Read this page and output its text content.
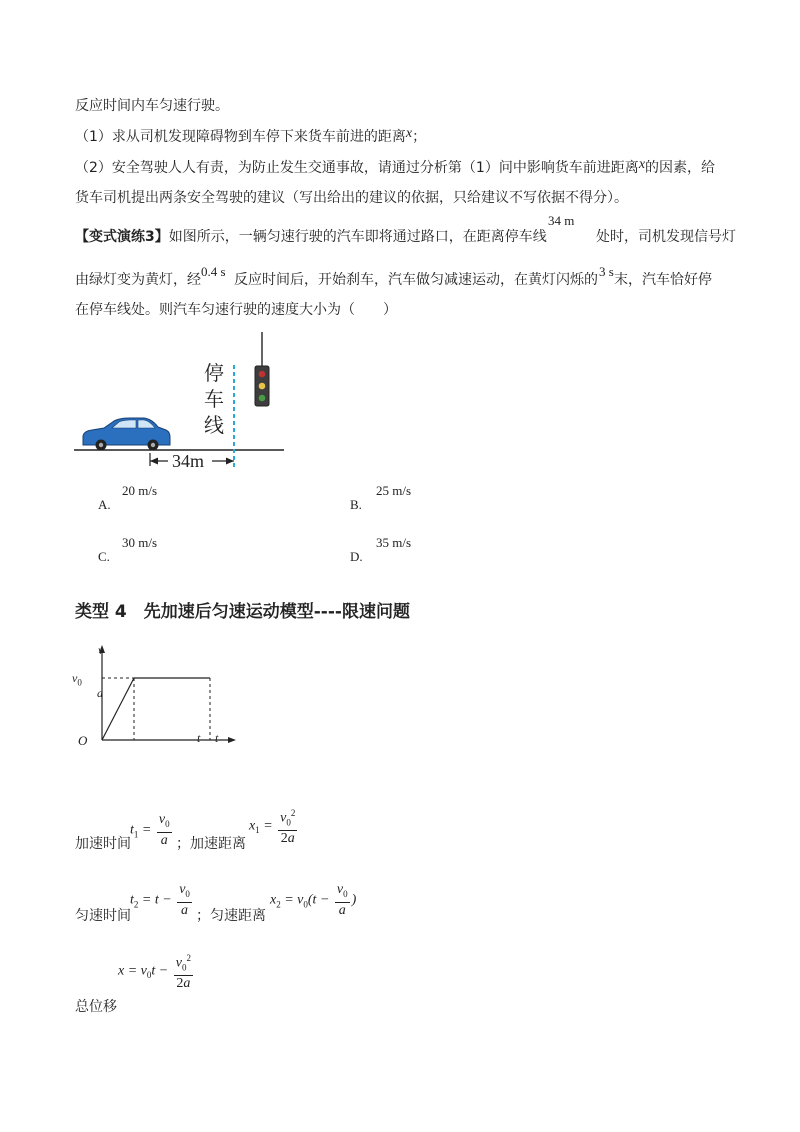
反应时间内车匀速行驶。
（1）求从司机发现障碍物到车停下来货车前进的距离x；
（2）安全驾驶人人有责，为防止发生交通事故，请通过分析第（1）问中影响货车前进距离x的因素，给
货车司机提出两条安全驾驶的建议（写出给出的建议的依据，只给建议不写依据不得分）。
【变式演练3】如图所示，一辆匀速行驶的汽车即将通过路口，在距离停车线
34 m
处时，司机发现信号灯
由绿灯变为黄灯，经
0.4 s
反应时间后，开始刹车，汽车做匀减速运动，在黄灯闪烁的
3 s
末，汽车恰好停
在停车线处。则汽车匀速行驶的速度大小为（　　）
停
车
线
34m
A.
20 m/s
B.
25 m/s
C.
30 m/s
D.
35 m/s
类型 4　先加速后匀速运动模型----限速问题
v
$v_0$
a
O	t t
加速时间
$t_1 = \frac{v_0}{a}$ ； 加速距离
$x_1 = \frac{v_0^2}{2a}$
匀速时间
$t_2 = t - \frac{v_0}{a}$ ； 匀速距离
$x_2 = v_0(t - \frac{v_0}{a}$ )
$x = v_0t - \frac{v_0^2}{2a}$
总位移
